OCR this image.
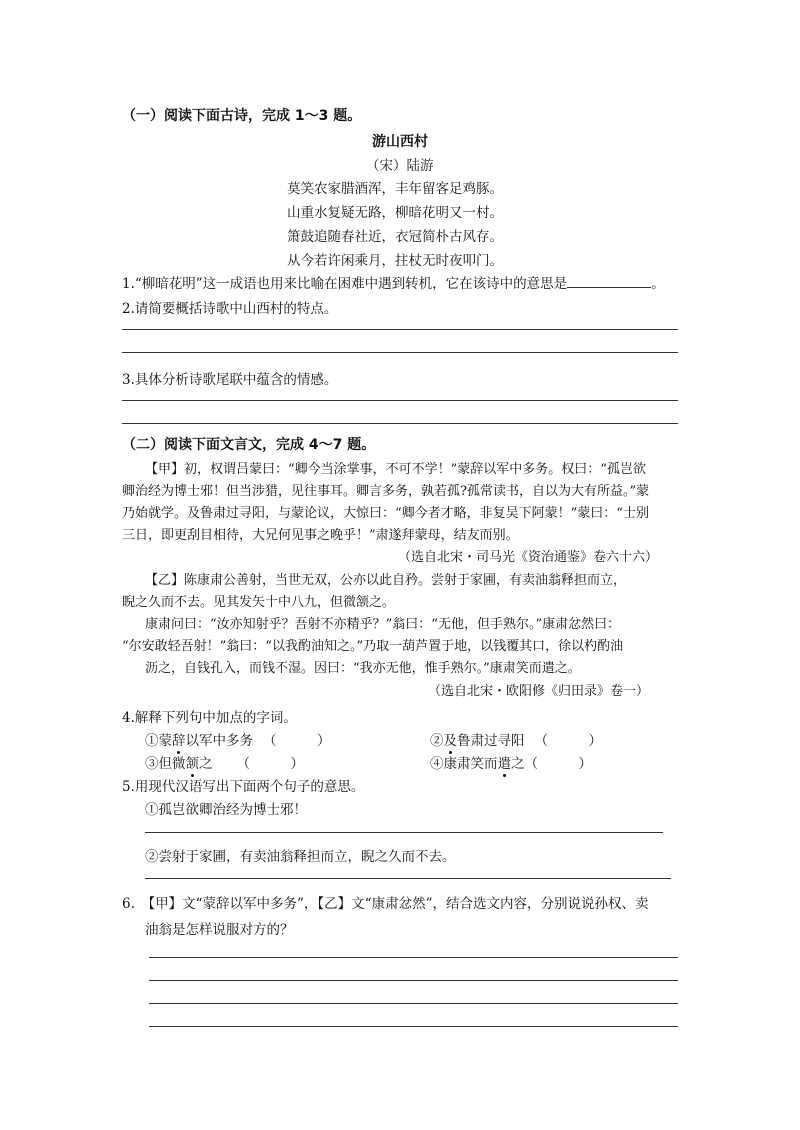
（一）阅读下面古诗，完成 1～3 题。
游山西村
（宋）陆游
莫笑农家腊酒浑，丰年留客足鸡豚。
山重水复疑无路，柳暗花明又一村。
箫鼓追随春社近，衣冠简朴古风存。
从今若许闲乘月，拄杖无时夜叩门。
1.“柳暗花明”这一成语也用来比喻在困难中遇到转机，它在该诗中的意思是	。
2.请简要概括诗歌中山西村的特点。
3.具体分析诗歌尾联中蕴含的情感。
（二）阅读下面文言文，完成 4～7 题。
【甲】初，权谓吕蒙曰：“卿今当涂掌事，不可不学！”蒙辞以军中多务。权曰：“孤岂欲
卿治经为博士邪！但当涉猎，见往事耳。卿言多务，孰若孤?孤常读书，自以为大有所益。”蒙
乃始就学。及鲁肃过寻阳，与蒙论议，大惊曰：“卿今者才略，非复吴下阿蒙！”蒙曰：“士别
三日，即更刮目相待，大兄何见事之晚乎！”肃遂拜蒙母，结友而别。
（选自北宋・司马光《资治通鉴》卷六十六）
【乙】陈康肃公善射，当世无双，公亦以此自矜。尝射于家圃，有卖油翁释担而立，
睨之久而不去。见其发矢十中八九，但微颔之。
康肃问曰：“汝亦知射乎？吾射不亦精乎？”翁曰：“无他，但手熟尔。”康肃忿然曰：
“尔安敢轻吾射！”翁曰：“以我酌油知之。”乃取一葫芦置于地，以钱覆其口，徐以杓酌油
沥之，自钱孔入，而钱不湿。因曰：“我亦无他，惟手熟尔。”康肃笑而遣之。
（选自北宋・欧阳修《归田录》卷一）
4.解释下列句中加点的字词。
①蒙辞以军中多务 （　　　）	②及鲁肃过寻阳 （　　　）
③但微颔之 （　　　）	④康肃笑而遣之（　　　）
5.用现代汉语写出下面两个句子的意思。
①孤岂欲卿治经为博士邪！
②尝射于家圃，有卖油翁释担而立，睨之久而不去。
6.　【甲】文“蒙辞以军中多务”，【乙】文“康肃忿然”，结合选文内容，分别说说孙权、卖
油翁是怎样说服对方的？
